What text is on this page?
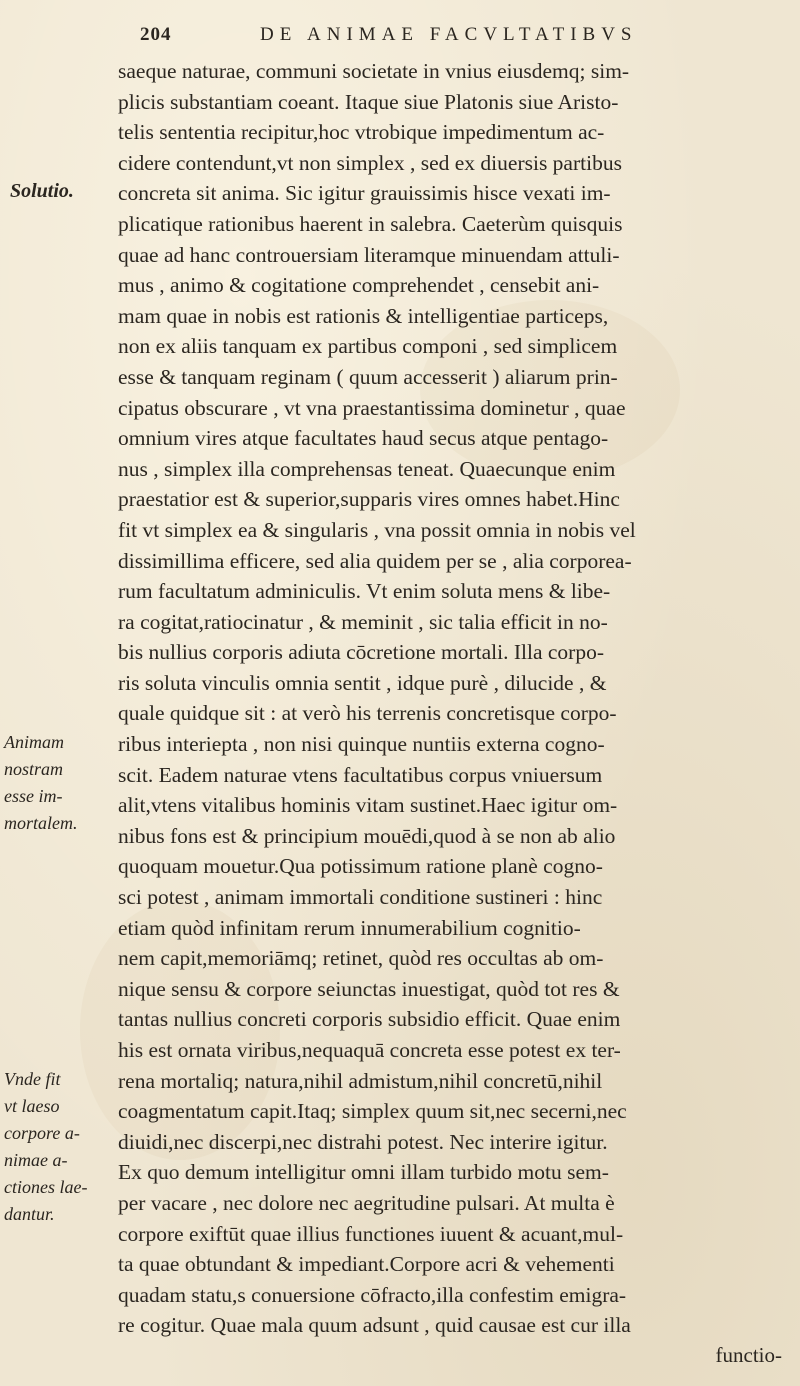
204	DE ANIMAE FACVLTATIBVS
Solutio.
Animam
nostram
esse im-
mortalem.
Vnde fit
vt laeso
corpore a-
nimae a-
ctiones lae-
dantur.
saeque naturae, communi societate in vnius eiusdemq; sim-
plicis substantiam coeant. Itaque siue Platonis siue Aristo-
telis sententia recipitur,hoc vtrobique impedimentum ac-
cidere contendunt,vt non simplex , sed ex diuersis partibus
concreta sit anima. Sic igitur grauissimis hisce vexati im-
plicatique rationibus haerent in salebra. Caeterùm quisquis
quae ad hanc controuersiam literamque minuendam attuli-
mus , animo & cogitatione comprehendet , censebit ani-
mam quae in nobis est rationis & intelligentiae particeps,
non ex aliis tanquam ex partibus componi , sed simplicem
esse & tanquam reginam ( quum accesserit ) aliarum prin-
cipatus obscurare , vt vna praestantissima dominetur , quae
omnium vires atque facultates haud secus atque pentago-
nus , simplex illa comprehensas teneat. Quaecunque enim
praestatior est & superior,supparis vires omnes habet.Hinc
fit vt simplex ea & singularis , vna possit omnia in nobis vel
dissimillima efficere, sed alia quidem per se , alia corporea-
rum facultatum adminiculis. Vt enim soluta mens & libe-
ra cogitat,ratiocinatur , & meminit , sic talia efficit in no-
bis nullius corporis adiuta cōcretione mortali. Illa corpo-
ris soluta vinculis omnia sentit , idque purè , dilucide , &
quale quidque sit : at verò his terrenis concretisque corpo-
ribus interiepta , non nisi quinque nuntiis externa cogno-
scit. Eadem naturae vtens facultatibus corpus vniuersum
alit,vtens vitalibus hominis vitam sustinet.Haec igitur om-
nibus fons est & principium mouēdi,quod à se non ab alio
quoquam mouetur.Qua potissimum ratione planè cogno-
sci potest , animam immortali conditione sustineri : hinc
etiam quòd infinitam rerum innumerabilium cognitio-
nem capit,memoriāmq; retinet, quòd res occultas ab om-
nique sensu & corpore seiunctas inuestigat, quòd tot res &
tantas nullius concreti corporis subsidio efficit. Quae enim
his est ornata viribus,nequaquā concreta esse potest ex ter-
rena mortaliq; natura,nihil admistum,nihil concretū,nihil
coagmentatum capit.Itaq; simplex quum sit,nec secerni,nec
diuidi,nec discerpi,nec distrahi potest. Nec interire igitur.
Ex quo demum intelligitur omni illam turbido motu sem-
per vacare , nec dolore nec aegritudine pulsari. At multa è
corpore exiftūt quae illius functiones iuuent & acuant,mul-
ta quae obtundant & impediant.Corpore acri & vehementi
quadam statu,s conuersione cōfracto,illa confestim emigra-
re cogitur. Quae mala quum adsunt , quid causae est cur illa
functio-
